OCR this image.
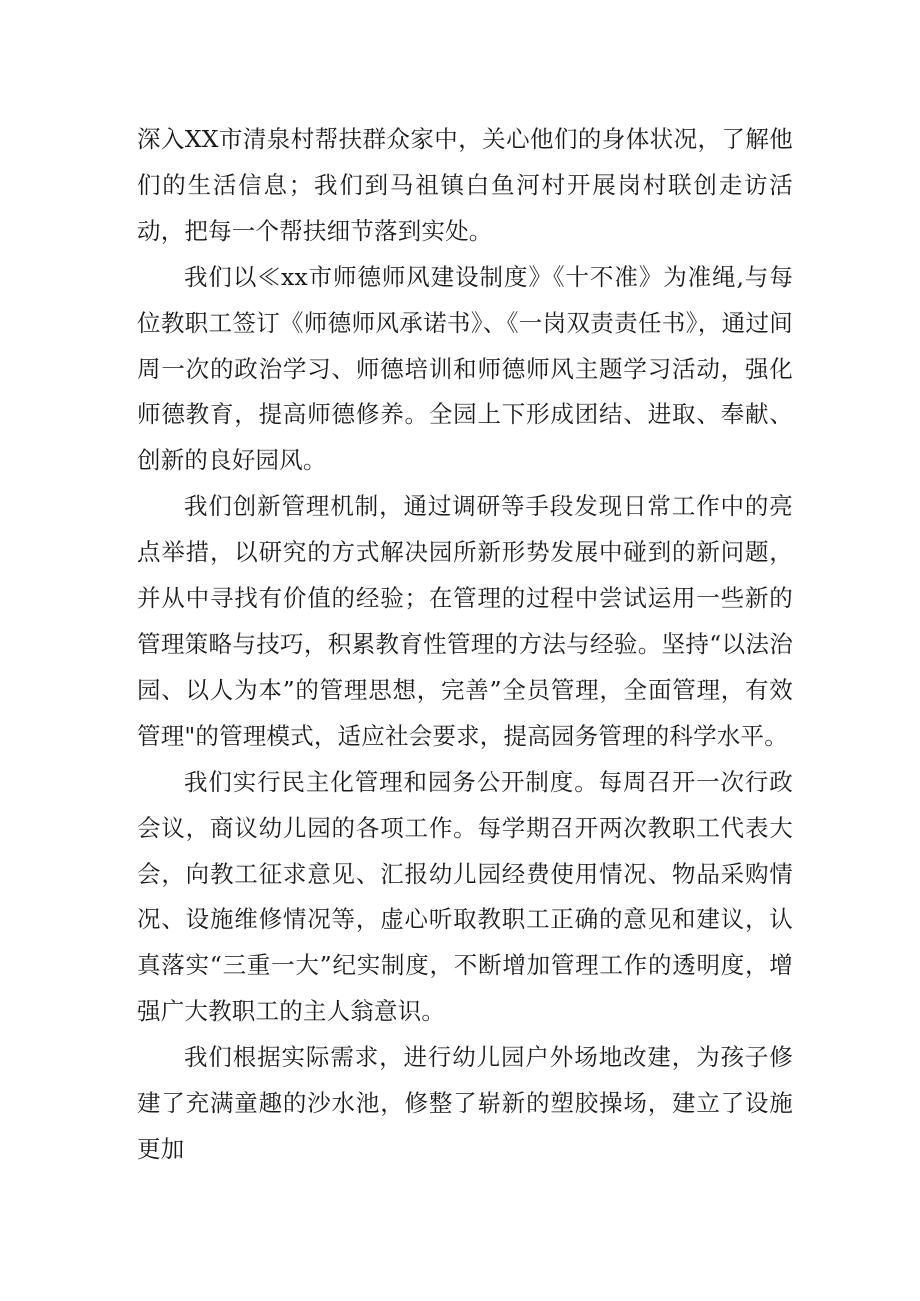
深入XX市清泉村帮扶群众家中，关心他们的身体状况，了解他们的生活信息；我们到马祖镇白鱼河村开展岗村联创走访活动，把每一个帮扶细节落到实处。

我们以≪xx市师德师风建设制度》《十不准》为准绳,与每位教职工签订《师德师风承诺书》、《一岗双责责任书》，通过间周一次的政治学习、师德培训和师德师风主题学习活动，强化师德教育，提高师德修养。全园上下形成团结、进取、奉献、创新的良好园风。

我们创新管理机制，通过调研等手段发现日常工作中的亮点举措，以研究的方式解决园所新形势发展中碰到的新问题，并从中寻找有价值的经验；在管理的过程中尝试运用一些新的管理策略与技巧，积累教育性管理的方法与经验。坚持“以法治园、以人为本”的管理思想，完善”全员管理，全面管理，有效管理"的管理模式，适应社会要求，提高园务管理的科学水平。

我们实行民主化管理和园务公开制度。每周召开一次行政会议，商议幼儿园的各项工作。每学期召开两次教职工代表大会，向教工征求意见、汇报幼儿园经费使用情况、物品采购情况、设施维修情况等，虚心听取教职工正确的意见和建议，认真落实“三重一大”纪实制度，不断增加管理工作的透明度，增强广大教职工的主人翁意识。

我们根据实际需求，进行幼儿园户外场地改建，为孩子修建了充满童趣的沙水池，修整了崭新的塑胶操场，建立了设施更加
